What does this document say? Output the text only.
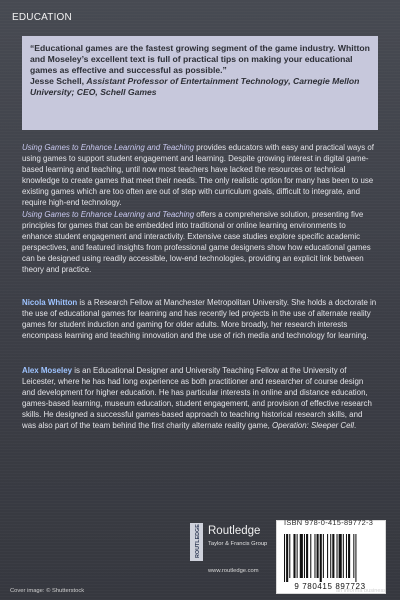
EDUCATION
“Educational games are the fastest growing segment of the game industry. Whitton and Moseley’s excellent text is full of practical tips on making your educational games as effective and successful as possible.”
Jesse Schell, Assistant Professor of Entertainment Technology, Carnegie Mellon University; CEO, Schell Games
Using Games to Enhance Learning and Teaching provides educators with easy and practical ways of using games to support student engagement and learning. Despite growing interest in digital game-based learning and teaching, until now most teachers have lacked the resources or technical knowledge to create games that meet their needs. The only realistic option for many has been to use existing games which are too often are out of step with curriculum goals, difficult to integrate, and require high-end technology.
Using Games to Enhance Learning and Teaching offers a comprehensive solution, presenting five principles for games that can be embedded into traditional or online learning environments to enhance student engagement and interactivity. Extensive case studies explore specific academic perspectives, and featured insights from professional game designers show how educational games can be designed using readily accessible, low-end technologies, providing an explicit link between theory and practice.
Nicola Whitton is a Research Fellow at Manchester Metropolitan University. She holds a doctorate in the use of educational games for learning and has recently led projects in the use of alternate reality games for student induction and gaming for older adults. More broadly, her research interests encompass learning and teaching innovation and the use of rich media and technology for learning.
Alex Moseley is an Educational Designer and University Teaching Fellow at the University of Leicester, where he has had long experience as both practitioner and researcher of course design and development for higher education. He has particular interests in online and distance education, games-based learning, museum education, student engagement, and provision of effective research skills. He designed a successful games-based approach to teaching historical research skills, and was also part of the team behind the first charity alternate reality game, Operation: Sleeper Cell.
ROUTLEDGE Routledge
Taylor & Francis Group
www.routledge.com
ISBN 978-0-415-89772-3
9 780415 897723
Cover image: © Shutterstock	an informa business
